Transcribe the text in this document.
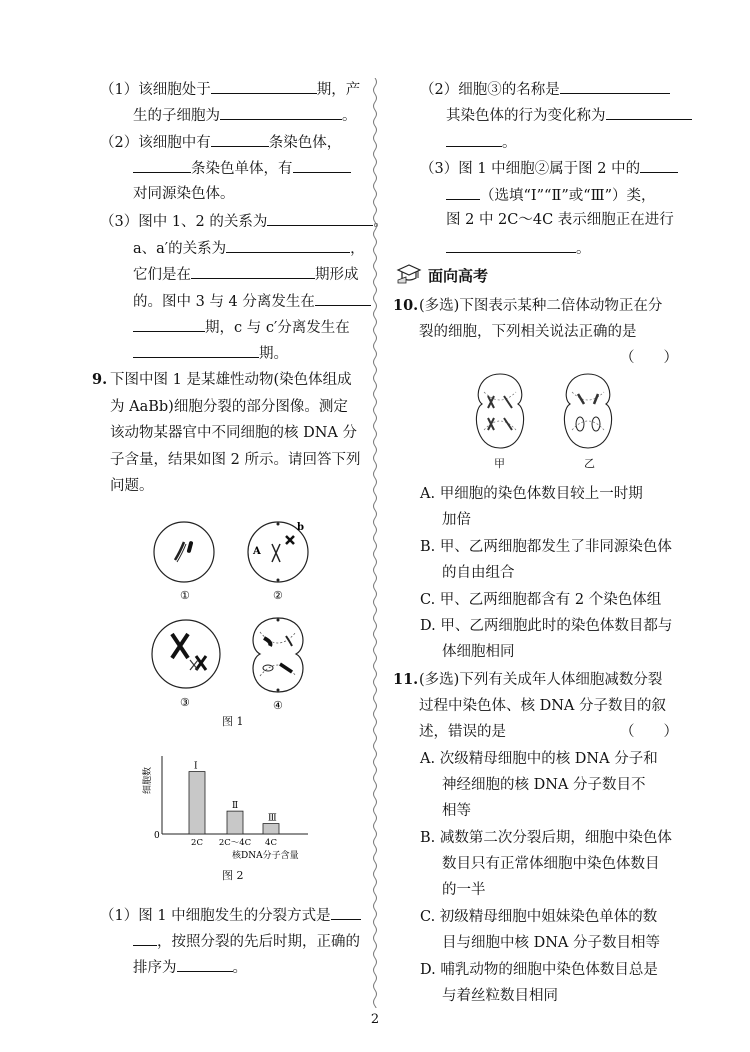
（1）该细胞处于	期，产
生的子细胞为	。
（2）该细胞中有	条染色体，
条染色单体，有
对同源染色体。
（3）图中 1、2 的关系为	。
a、a′的关系为	，
它们是在	期形成
的。图中 3 与 4 分离发生在
期，c 与 c′分离发生在
期。
9. 下图中图 1 是某雄性动物(染色体组成
为 AaBb)细胞分裂的部分图像。测定
该动物某器官中不同细胞的核 DNA 分
子含量，结果如图 2 所示。请回答下列
问题。
①
A
b
②
③	④
图 1
细胞数
0
Ⅰ
2C
Ⅱ
2C～4C
Ⅲ
4C
核DNA分子含量
图 2
（1）图 1 中细胞发生的分裂方式是
，按照分裂的先后时期，正确的
排序为	。
（2）细胞③的名称是
其染色体的行为变化称为
。
（3）图 1 中细胞②属于图 2 中的
（选填“Ⅰ”“Ⅱ”或“Ⅲ”）类，
图 2 中 2C～4C 表示细胞正在进行
。
面向高考
10. (多选)下图表示某种二倍体动物正在分
裂的细胞，下列相关说法正确的是
（　　）
甲	乙
A. 甲细胞的染色体数目较上一时期
加倍
B. 甲、乙两细胞都发生了非同源染色体
的自由组合
C. 甲、乙两细胞都含有 2 个染色体组
D. 甲、乙两细胞此时的染色体数目都与
体细胞相同
11. (多选)下列有关成年人体细胞减数分裂
过程中染色体、核 DNA 分子数目的叙
述，错误的是	（　　）
A. 次级精母细胞中的核 DNA 分子和
神经细胞的核 DNA 分子数目不
相等
B. 减数第二次分裂后期，细胞中染色体
数目只有正常体细胞中染色体数目
的一半
C. 初级精母细胞中姐妹染色单体的数
目与细胞中核 DNA 分子数目相等
D. 哺乳动物的细胞中染色体数目总是
与着丝粒数目相同
2
